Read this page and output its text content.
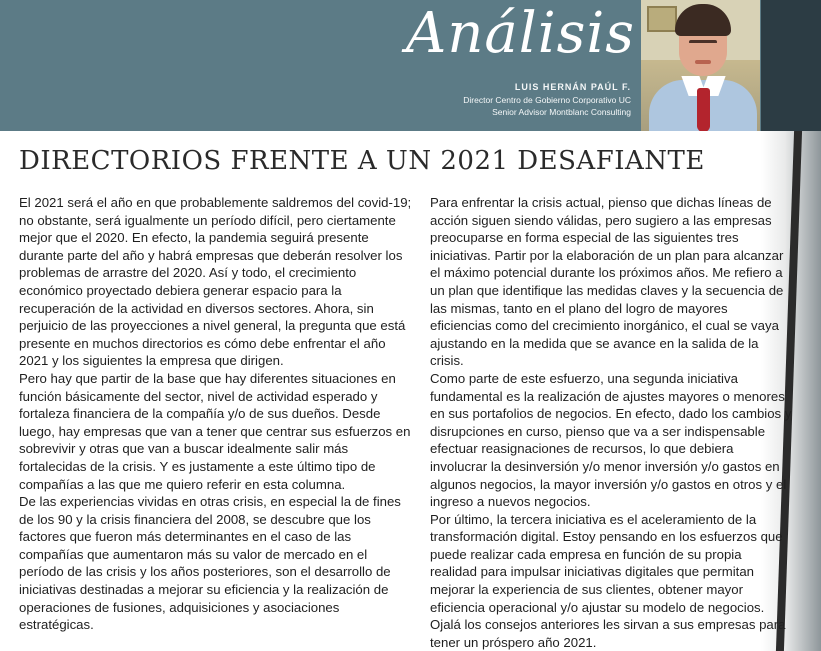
Análisis
LUIS HERNÁN PAÚL F.
Director Centro de Gobierno Corporativo UC
Senior Advisor Montblanc Consulting
DIRECTORIOS FRENTE A UN 2021 DESAFIANTE

El 2021 será el año en que probablemente saldremos del covid-19; no obstante, será igualmente un período difícil, pero ciertamente mejor que el 2020. En efecto, la pandemia seguirá presente durante parte del año y habrá empresas que deberán resolver los problemas de arrastre del 2020. Así y todo, el crecimiento económico proyectado debiera generar espacio para la recuperación de la actividad en diversos sectores. Ahora, sin perjuicio de las proyecciones a nivel general, la pregunta que está presente en muchos directorios es cómo debe enfrentar el año 2021 y los siguientes la empresa que dirigen.

Pero hay que partir de la base que hay diferentes situaciones en función básicamente del sector, nivel de actividad esperado y fortaleza financiera de la compañía y/o de sus dueños. Desde luego, hay empresas que van a tener que centrar sus esfuerzos en sobrevivir y otras que van a buscar idealmente salir más fortalecidas de la crisis. Y es justamente a este último tipo de compañías a las que me quiero referir en esta columna.

De las experiencias vividas en otras crisis, en especial la de fines de los 90 y la crisis financiera del 2008, se descubre que los factores que fueron más determinantes en el caso de las compañías que aumentaron más su valor de mercado en el período de las crisis y los años posteriores, son el desarrollo de iniciativas destinadas a mejorar su eficiencia y la realización de operaciones de fusiones, adquisiciones y asociaciones estratégicas.

Para enfrentar la crisis actual, pienso que dichas líneas de acción siguen siendo válidas, pero sugiero a las empresas preocuparse en forma especial de las siguientes tres iniciativas. Partir por la elaboración de un plan para alcanzar el máximo potencial durante los próximos años. Me refiero a un plan que identifique las medidas claves y la secuencia de las mismas, tanto en el plano del logro de mayores eficiencias como del crecimiento inorgánico, el cual se vaya ajustando en la medida que se avance en la salida de la crisis.

Como parte de este esfuerzo, una segunda iniciativa fundamental es la realización de ajustes mayores o menores en sus portafolios de negocios. En efecto, dado los cambios y disrupciones en curso, pienso que va a ser indispensable efectuar reasignaciones de recursos, lo que debiera involucrar la desinversión y/o menor inversión y/o gastos en algunos negocios, la mayor inversión y/o gastos en otros y el ingreso a nuevos negocios.

Por último, la tercera iniciativa es el aceleramiento de la transformación digital. Estoy pensando en los esfuerzos que puede realizar cada empresa en función de su propia realidad para impulsar iniciativas digitales que permitan mejorar la experiencia de sus clientes, obtener mayor eficiencia operacional y/o ajustar su modelo de negocios.

Ojalá los consejos anteriores les sirvan a sus empresas para tener un próspero año 2021.
